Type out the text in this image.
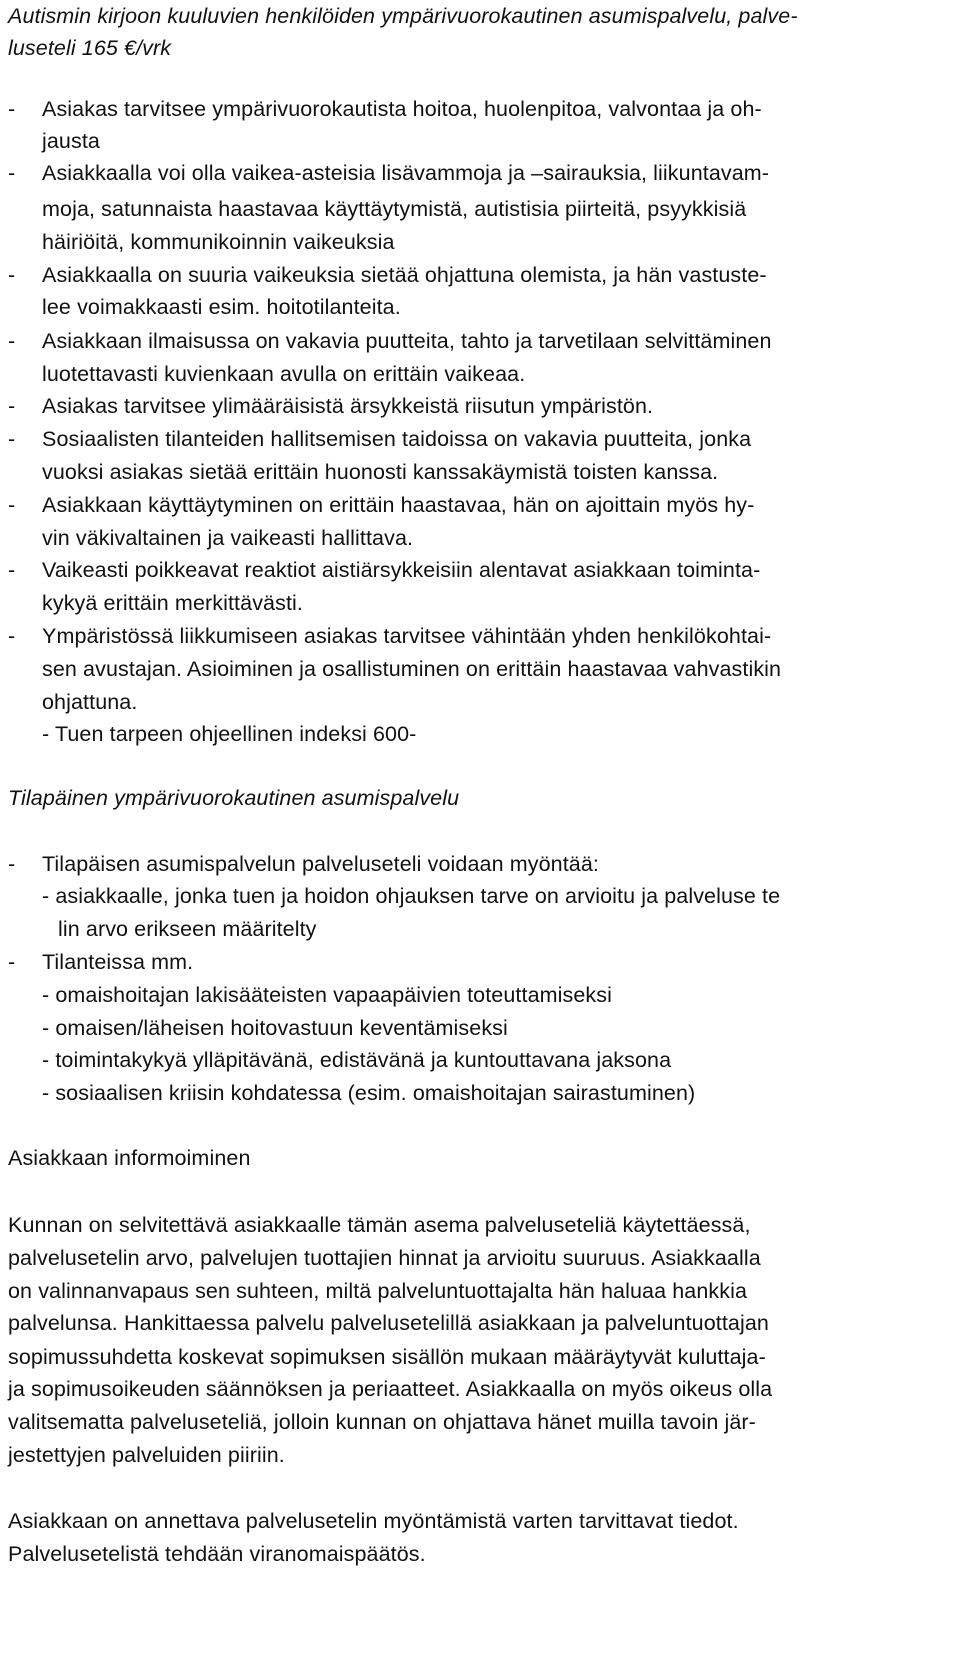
Autismin kirjoon kuuluvien henkilöiden ympärivuorokautinen asumispalvelu, palve-
luseteli 165 €/vrk
- Asiakas tarvitsee ympärivuorokautista hoitoa, huolenpitoa, valvontaa ja oh-
jausta
- Asiakkaalla voi olla vaikea-asteisia lisävammoja ja –sairauksia, liikuntavam-
moja, satunnaista haastavaa käyttäytymistä, autistisia piirteitä, psyykkisiä
häiriöitä, kommunikoinnin vaikeuksia
- Asiakkaalla on suuria vaikeuksia sietää ohjattuna olemista, ja hän vastuste-
lee voimakkaasti esim. hoitotilanteita.
- Asiakkaan ilmaisussa on vakavia puutteita, tahto ja tarvetilaan selvittäminen
luotettavasti kuvienkaan avulla on erittäin vaikeaa.
- Asiakas tarvitsee ylimääräisistä ärsykkeistä riisutun ympäristön.
- Sosiaalisten tilanteiden hallitsemisen taidoissa on vakavia puutteita, jonka
vuoksi asiakas sietää erittäin huonosti kanssakäymistä toisten kanssa.
- Asiakkaan käyttäytyminen on erittäin haastavaa, hän on ajoittain myös hy-
vin väkivaltainen ja vaikeasti hallittava.
- Vaikeasti poikkeavat reaktiot aistiärsykkeisiin alentavat asiakkaan toiminta-
kykyä erittäin merkittävästi.
- Ympäristössä liikkumiseen asiakas tarvitsee vähintään yhden henkilökohtai-
sen avustajan. Asioiminen ja osallistuminen on erittäin haastavaa vahvastikin
ohjattuna.
- Tuen tarpeen ohjeellinen indeksi 600-
Tilapäinen ympärivuorokautinen asumispalvelu
- Tilapäisen asumispalvelun palveluseteli voidaan myöntää:
- asiakkaalle, jonka tuen ja hoidon ohjauksen tarve on arvioitu ja palveluse te
lin arvo erikseen määritelty
- Tilanteissa mm.
- omaishoitajan lakisääteisten vapaapäivien toteuttamiseksi
- omaisen/läheisen hoitovastuun keventämiseksi
- toimintakykyä ylläpitävänä, edistävänä ja kuntouttavana jaksona
- sosiaalisen kriisin kohdatessa (esim. omaishoitajan sairastuminen)
Asiakkaan informoiminen
Kunnan on selvitettävä asiakkaalle tämän asema palveluseteliä käytettäessä,
palvelusetelin arvo, palvelujen tuottajien hinnat ja arvioitu suuruus. Asiakkaalla
on valinnanvapaus sen suhteen, miltä palveluntuottajalta hän haluaa hankkia
palvelunsa. Hankittaessa palvelu palvelusetelillä asiakkaan ja palveluntuottajan
sopimussuhdetta koskevat sopimuksen sisällön mukaan määräytyvät kuluttaja-
ja sopimusoikeuden säännöksen ja periaatteet. Asiakkaalla on myös oikeus olla
valitsematta palveluseteliä, jolloin kunnan on ohjattava hänet muilla tavoin jär-
jestettyjen palveluiden piiriin.
Asiakkaan on annettava palvelusetelin myöntämistä varten tarvittavat tiedot.
Palvelusetelistä tehdään viranomaispäätös.
